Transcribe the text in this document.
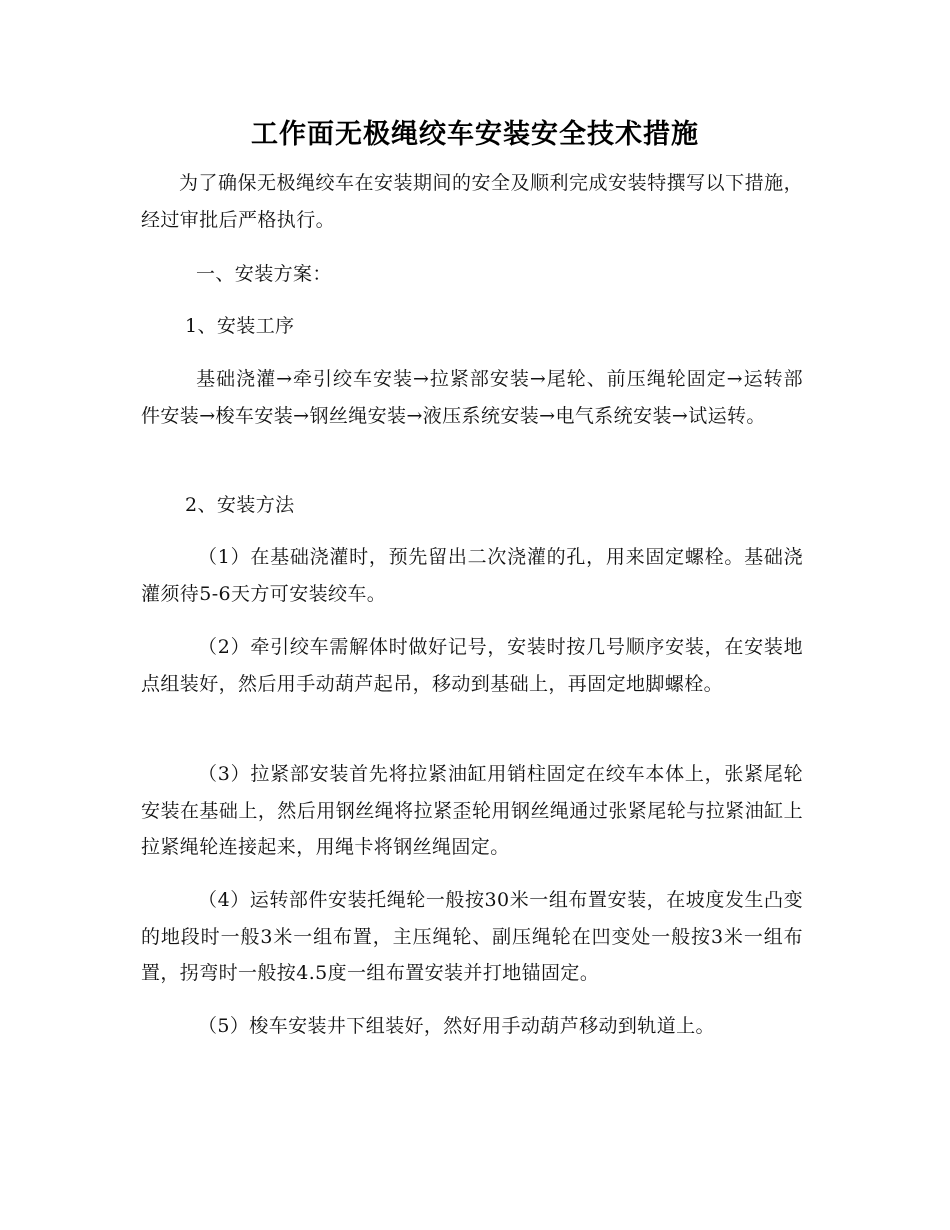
工作面无极绳绞车安装安全技术措施

为了确保无极绳绞车在安装期间的安全及顺利完成安装特撰写以下措施，经过审批后严格执行。

一、安装方案：

1、安装工序

基础浇灌→牵引绞车安装→拉紧部安装→尾轮、前压绳轮固定→运转部件安装→梭车安装→钢丝绳安装→液压系统安装→电气系统安装→试运转。

2、安装方法

（1）在基础浇灌时，预先留出二次浇灌的孔，用来固定螺栓。基础浇灌须待5-6天方可安装绞车。

（2）牵引绞车需解体时做好记号，安装时按几号顺序安装，在安装地点组装好，然后用手动葫芦起吊，移动到基础上，再固定地脚螺栓。

（3）拉紧部安装首先将拉紧油缸用销柱固定在绞车本体上，张紧尾轮安装在基础上，然后用钢丝绳将拉紧歪轮用钢丝绳通过张紧尾轮与拉紧油缸上拉紧绳轮连接起来，用绳卡将钢丝绳固定。

（4）运转部件安装托绳轮一般按30米一组布置安装，在坡度发生凸变的地段时一般3米一组布置，主压绳轮、副压绳轮在凹变处一般按3米一组布置，拐弯时一般按4.5度一组布置安装并打地锚固定。

（5）梭车安装井下组装好，然好用手动葫芦移动到轨道上。
